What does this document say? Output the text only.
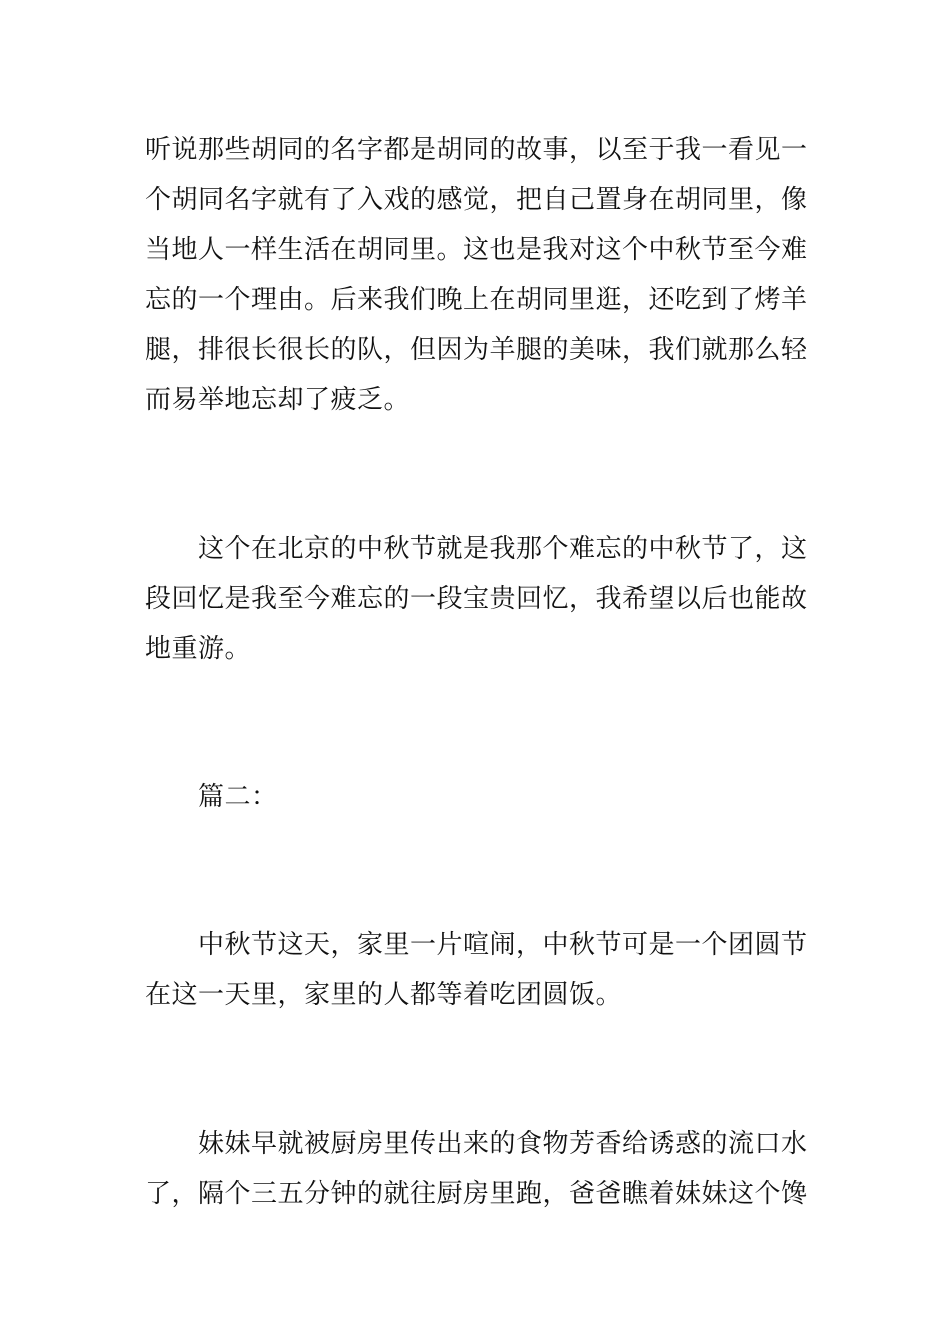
听说那些胡同的名字都是胡同的故事，以至于我一看见一
个胡同名字就有了入戏的感觉，把自己置身在胡同里，像
当地人一样生活在胡同里。这也是我对这个中秋节至今难
忘的一个理由。后来我们晚上在胡同里逛，还吃到了烤羊
腿，排很长很长的队，但因为羊腿的美味，我们就那么轻
而易举地忘却了疲乏。
这个在北京的中秋节就是我那个难忘的中秋节了，这
段回忆是我至今难忘的一段宝贵回忆，我希望以后也能故
地重游。
篇二：
中秋节这天，家里一片喧闹，中秋节可是一个团圆节
在这一天里，家里的人都等着吃团圆饭。
妹妹早就被厨房里传出来的食物芳香给诱惑的流口水
了，隔个三五分钟的就往厨房里跑，爸爸瞧着妹妹这个馋
